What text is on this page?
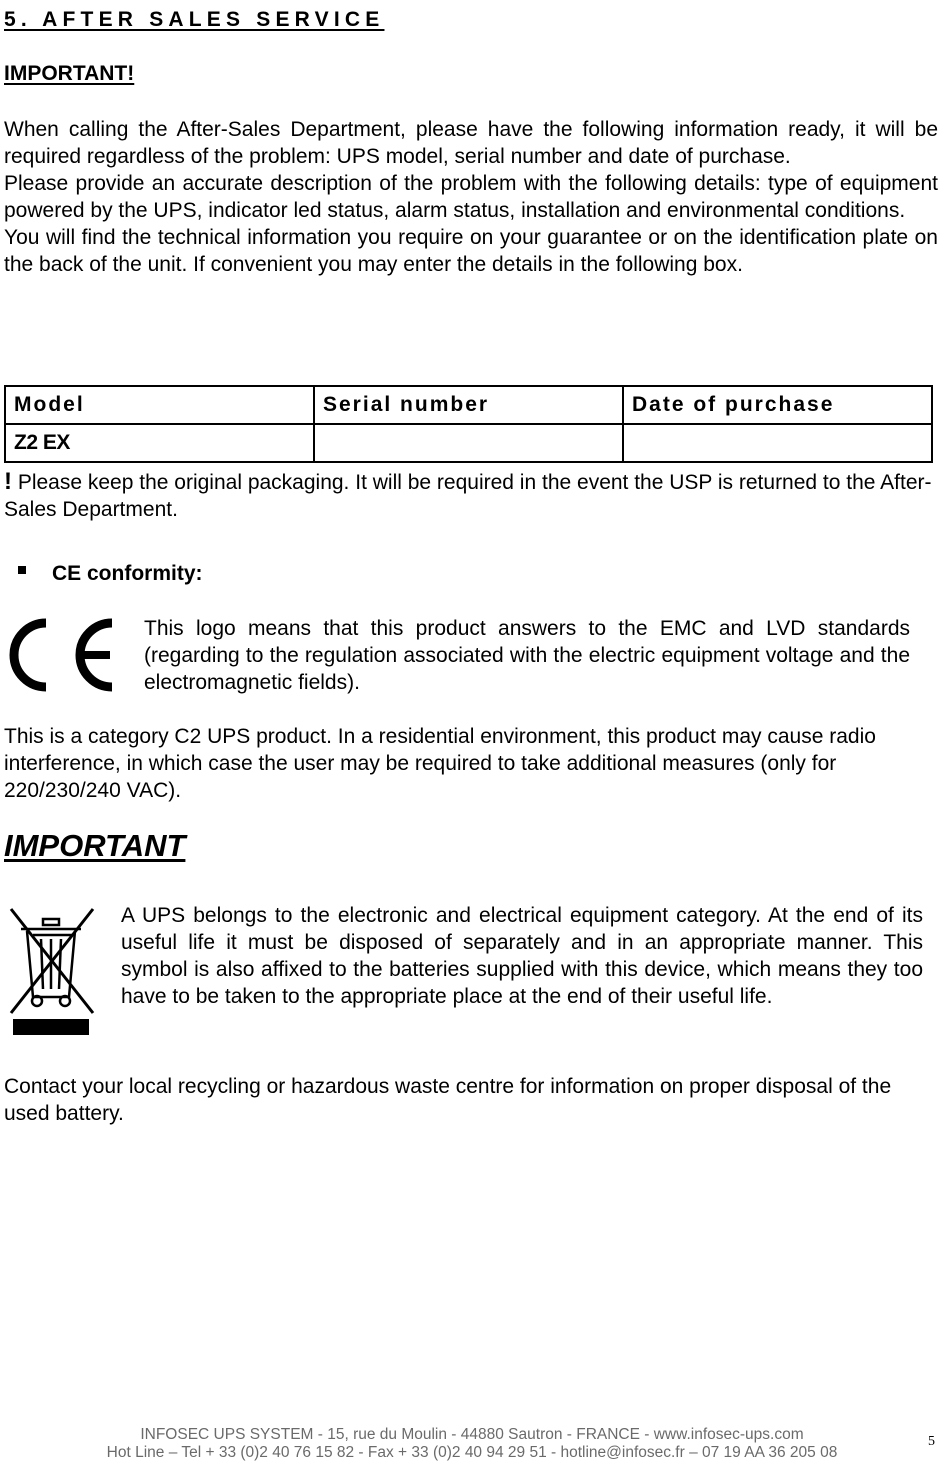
5. AFTER SALES SERVICE
IMPORTANT!

When calling the After-Sales Department, please have the following information ready, it will be required regardless of the problem: UPS model, serial number and date of purchase.

Please provide an accurate description of the problem with the following details: type of equipment powered by the UPS, indicator led status, alarm status, installation and environmental conditions.

You will find the technical information you require on your guarantee or on the identification plate on the back of the unit. If convenient you may enter the details in the following box.

Model	Serial number	Date of purchase
Z2 EX		
! Please keep the original packaging. It will be required in the event the USP is returned to the After-Sales Department.
CE conformity:
This logo means that this product answers to the EMC and LVD standards (regarding to the regulation associated with the electric equipment voltage and the electromagnetic fields).
This is a category C2 UPS product. In a residential environment, this product may cause radio interference, in which case the user may be required to take additional measures (only for 220/230/240 VAC).
IMPORTANT
A UPS belongs to the electronic and electrical equipment category. At the end of its useful life it must be disposed of separately and in an appropriate manner. This symbol is also affixed to the batteries supplied with this device, which means they too have to be taken to the appropriate place at the end of their useful life.
Contact your local recycling or hazardous waste centre for information on proper disposal of the used battery.
INFOSEC UPS SYSTEM - 15, rue du Moulin - 44880 Sautron - FRANCE - www.infosec-ups.com
Hot Line – Tel + 33 (0)2 40 76 15 82 - Fax + 33 (0)2 40 94 29 51 - hotline@infosec.fr – 07 19 AA 36 205 08
5
